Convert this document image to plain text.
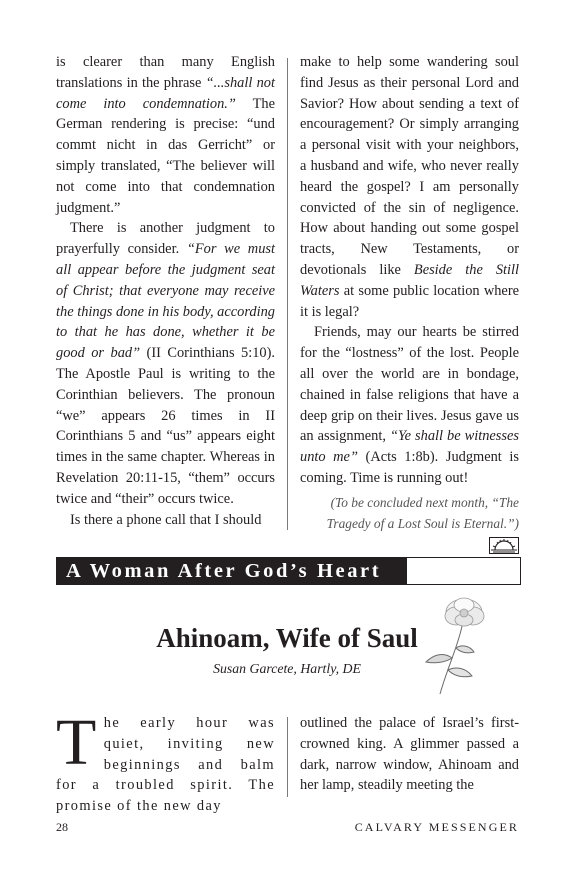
is clearer than many English translations in the phrase “...shall not come into condemnation.” The German rendering is precise: “und commt nicht in das Gerricht” or simply translated, “The believer will not come into that condemnation judgment.”

There is another judgment to prayerfully consider. “For we must all appear before the judgment seat of Christ; that everyone may receive the things done in his body, according to that he has done, whether it be good or bad” (II Corinthians 5:10). The Apostle Paul is writing to the Corinthian believers. The pronoun “we” appears 26 times in II Corinthians 5 and “us” appears eight times in the same chapter. Whereas in Revelation 20:11-15, “them” occurs twice and “their” occurs twice.

Is there a phone call that I should

make to help some wandering soul find Jesus as their personal Lord and Savior? How about sending a text of encouragement? Or simply arranging a personal visit with your neighbors, a husband and wife, who never really heard the gospel? I am personally convicted of the sin of negligence. How about handing out some gospel tracts, New Testaments, or devotionals like Beside the Still Waters at some public location where it is legal?

Friends, may our hearts be stirred for the “lostness” of the lost. People all over the world are in bondage, chained in false religions that have a deep grip on their lives. Jesus gave us an assignment, “Ye shall be witnesses unto me” (Acts 1:8b). Judgment is coming. Time is running out!

(To be concluded next month, “The Tragedy of a Lost Soul is Eternal.”)

A Woman After God’s Heart
Ahinoam, Wife of Saul
Susan Garcete, Hartly, DE
T he early hour was quiet, inviting new beginnings and balm for a troubled spirit. The promise of the new day

outlined the palace of Israel’s first-crowned king. A glimmer passed a dark, narrow window, Ahinoam and her lamp, steadily meeting the

28	CALVARY MESSENGER
